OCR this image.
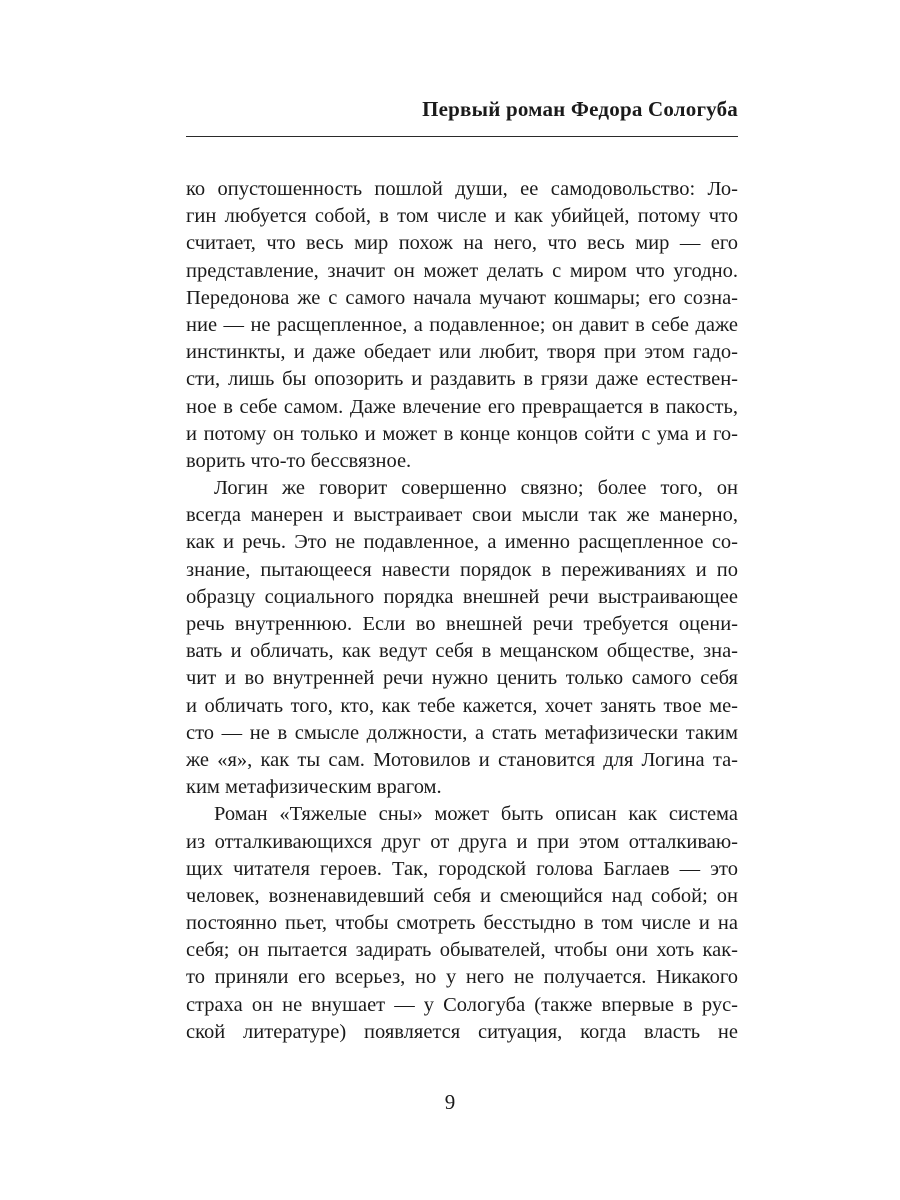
Первый роман Федора Сологуба
ко опустошенность пошлой души, ее самодовольство: Ло-
гин любуется собой, в том числе и как убийцей, потому что
считает, что весь мир похож на него, что весь мир — его
представление, значит он может делать с миром что угодно.
Передонова же с самого начала мучают кошмары; его созна-
ние — не расщепленное, а подавленное; он давит в себе даже
инстинкты, и даже обедает или любит, творя при этом гадо-
сти, лишь бы опозорить и раздавить в грязи даже естествен-
ное в себе самом. Даже влечение его превращается в пакость,
и потому он только и может в конце концов сойти с ума и го-
ворить что-то бессвязное.
Логин же говорит совершенно связно; более того, он
всегда манерен и выстраивает свои мысли так же манерно,
как и речь. Это не подавленное, а именно расщепленное со-
знание, пытающееся навести порядок в переживаниях и по
образцу социального порядка внешней речи выстраивающее
речь внутреннюю. Если во внешней речи требуется оцени-
вать и обличать, как ведут себя в мещанском обществе, зна-
чит и во внутренней речи нужно ценить только самого себя
и обличать того, кто, как тебе кажется, хочет занять твое ме-
сто — не в смысле должности, а стать метафизически таким
же «я», как ты сам. Мотовилов и становится для Логина та-
ким метафизическим врагом.
Роман «Тяжелые сны» может быть описан как система
из отталкивающихся друг от друга и при этом отталкиваю-
щих читателя героев. Так, городской голова Баглаев — это
человек, возненавидевший себя и смеющийся над собой; он
постоянно пьет, чтобы смотреть бесстыдно в том числе и на
себя; он пытается задирать обывателей, чтобы они хоть как-
то приняли его всерьез, но у него не получается. Никакого
страха он не внушает — у Сологуба (также впервые в рус-
ской литературе) появляется ситуация, когда власть не
9
